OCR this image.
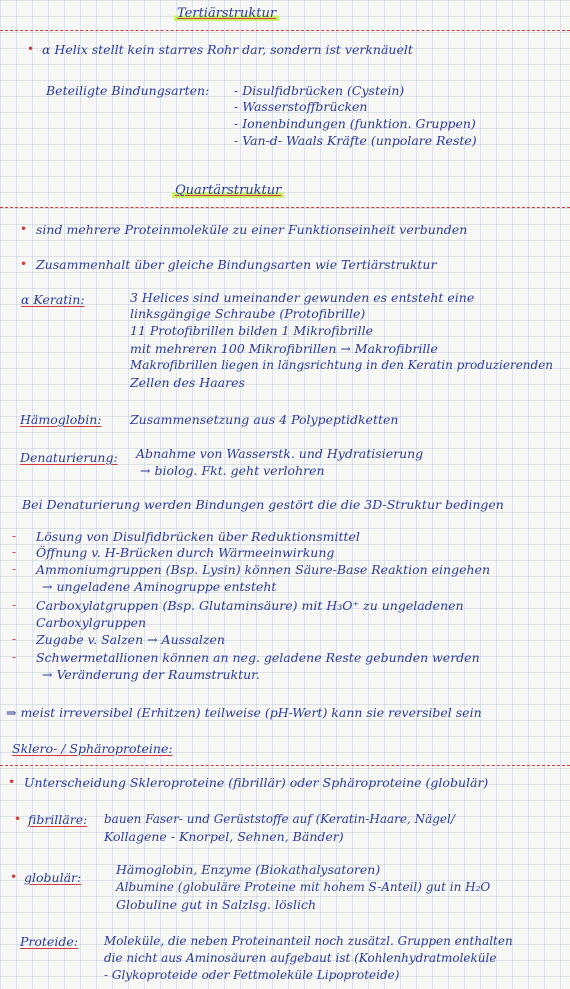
Tertiärstruktur
• α Helix stellt kein starres Rohr dar, sondern ist verknäuelt
Beteiligte Bindungsarten: - Disulfidbrücken (Cystein)
- Wasserstoffbrücken
- Ionenbindungen (funktion. Gruppen)
- Van-d- Waals Kräfte (unpolare Reste)
Quartärstruktur
• sind mehrere Proteinmoleküle zu einer Funktionseinheit verbunden
• Zusammenhalt über gleiche Bindungsarten wie Tertiärstruktur
α Keratin:	3 Helices sind umeinander gewunden es entsteht eine
linksgängige Schraube (Protofibrille)
11 Protofibrillen bilden 1 Mikrofibrille
mit mehreren 100 Mikrofibrillen → Makrofibrille
Makrofibrillen liegen in längsrichtung in den Keratin produzierenden
Zellen des Haares
Hämoglobin: Zusammensetzung aus 4 Polypeptidketten
Denaturierung: Abnahme von Wasserstk. und Hydratisierung
→ biolog. Fkt. geht verlohren
Bei Denaturierung werden Bindungen gestört die die 3D-Struktur bedingen
- Lösung von Disulfidbrücken über Reduktionsmittel
- Öffnung v. H-Brücken durch Wärmeeinwirkung
- Ammoniumgruppen (Bsp. Lysin) können Säure-Base Reaktion eingehen
→ ungeladene Aminogruppe entsteht
- Carboxylatgruppen (Bsp. Glutaminsäure) mit H₃O⁺ zu ungeladenen
Carboxylgruppen
- Zugabe v. Salzen → Aussalzen
- Schwermetallionen können an neg. geladene Reste gebunden werden
→ Veränderung der Raumstruktur.
⇒ meist irreversibel (Erhitzen) teilweise (pH-Wert) kann sie reversibel sein
Sklero- / Sphäroproteine:
• Unterscheidung Skleroproteine (fibrillär) oder Sphäroproteine (globulär)
• fibrilläre: bauen Faser- und Gerüststoffe auf (Keratin-Haare, Nägel/
Kollagene - Knorpel, Sehnen, Bänder)
• globulär:
Hämoglobin, Enzyme (Biokathalysatoren)
Albumine (globuläre Proteine mit hohem S-Anteil) gut in H₂O
Globuline gut in Salzlsg. löslich
Proteide: Moleküle, die neben Proteinanteil noch zusätzl. Gruppen enthalten
die nicht aus Aminosäuren aufgebaut ist (Kohlenhydratmoleküle
- Glykoproteide oder Fettmoleküle Lipoproteide)
